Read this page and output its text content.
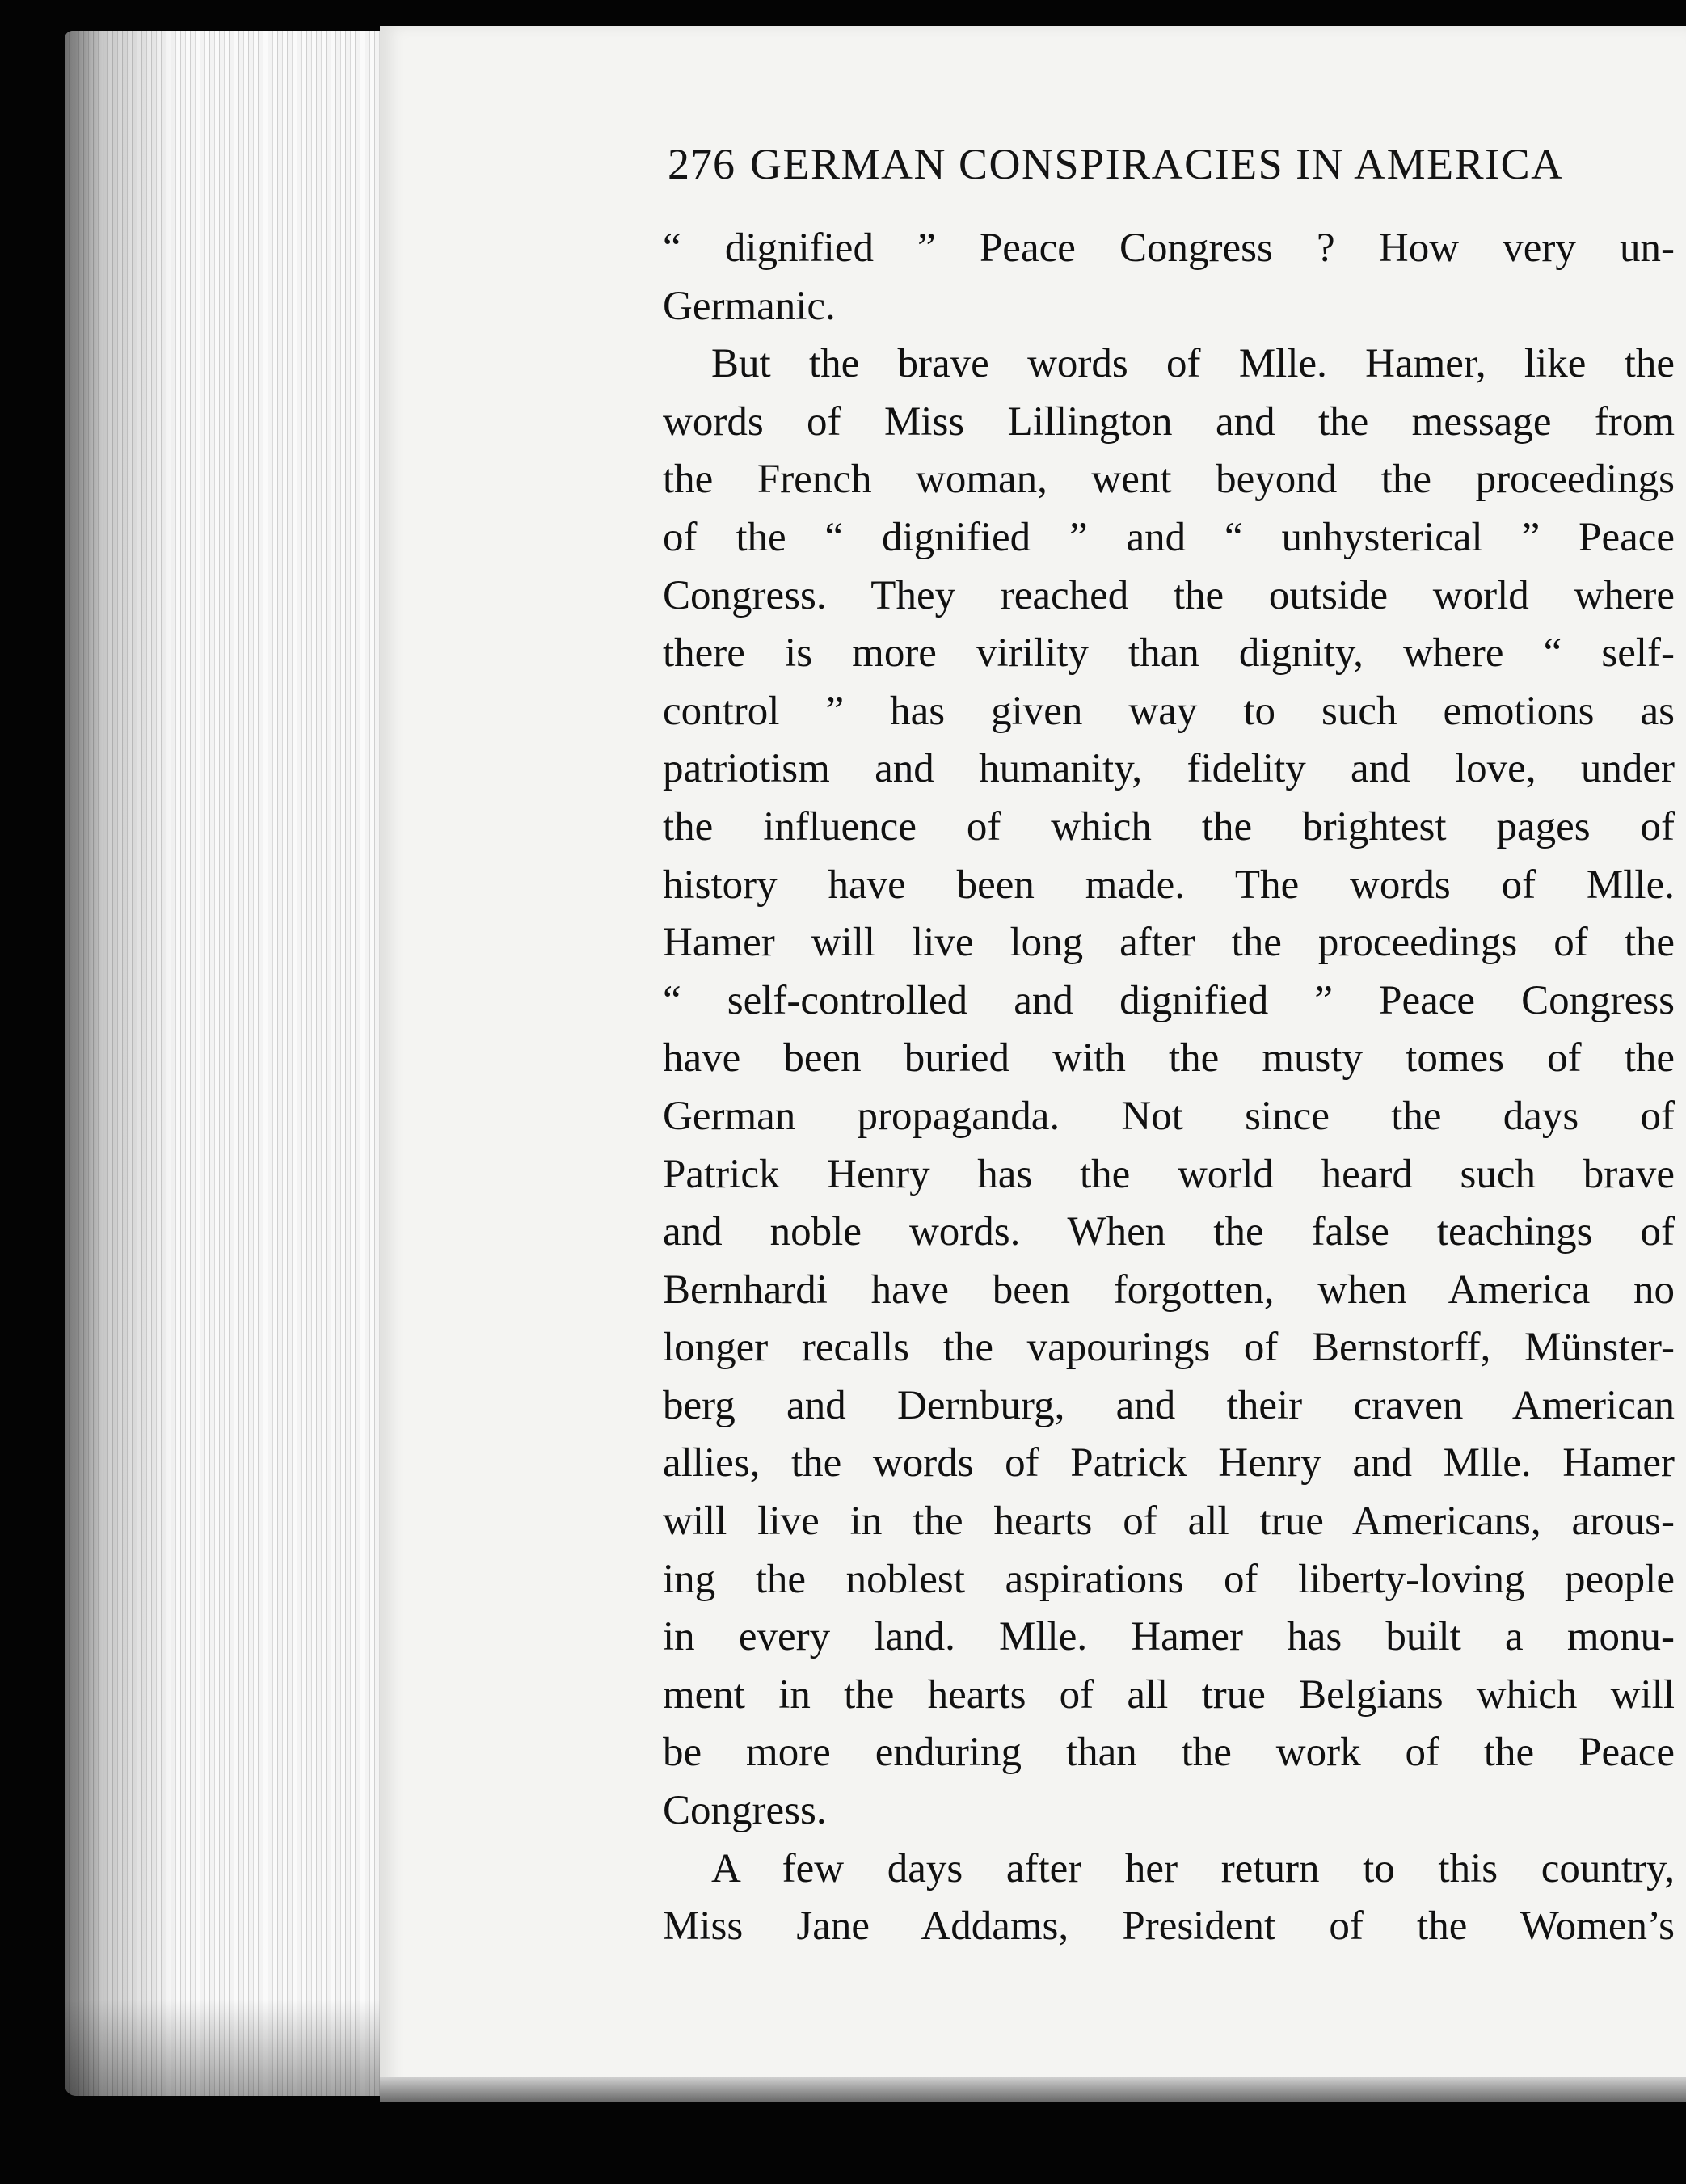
276 GERMAN CONSPIRACIES IN AMERICA
“ dignified ” Peace Congress ? How very un-
Germanic.
But the brave words of Mlle. Hamer, like the
words of Miss Lillington and the message from
the French woman, went beyond the proceedings
of the “ dignified ” and “ unhysterical ” Peace
Congress. They reached the outside world where
there is more virility than dignity, where “ self-
control ” has given way to such emotions as
patriotism and humanity, fidelity and love, under
the influence of which the brightest pages of
history have been made. The words of Mlle.
Hamer will live long after the proceedings of the
“ self-controlled and dignified ” Peace Congress
have been buried with the musty tomes of the
German propaganda. Not since the days of
Patrick Henry has the world heard such brave
and noble words. When the false teachings of
Bernhardi have been forgotten, when America no
longer recalls the vapourings of Bernstorff, Münster-
berg and Dernburg, and their craven American
allies, the words of Patrick Henry and Mlle. Hamer
will live in the hearts of all true Americans, arous-
ing the noblest aspirations of liberty-loving people
in every land. Mlle. Hamer has built a monu-
ment in the hearts of all true Belgians which will
be more enduring than the work of the Peace
Congress.
A few days after her return to this country,
Miss Jane Addams, President of the Women’s
